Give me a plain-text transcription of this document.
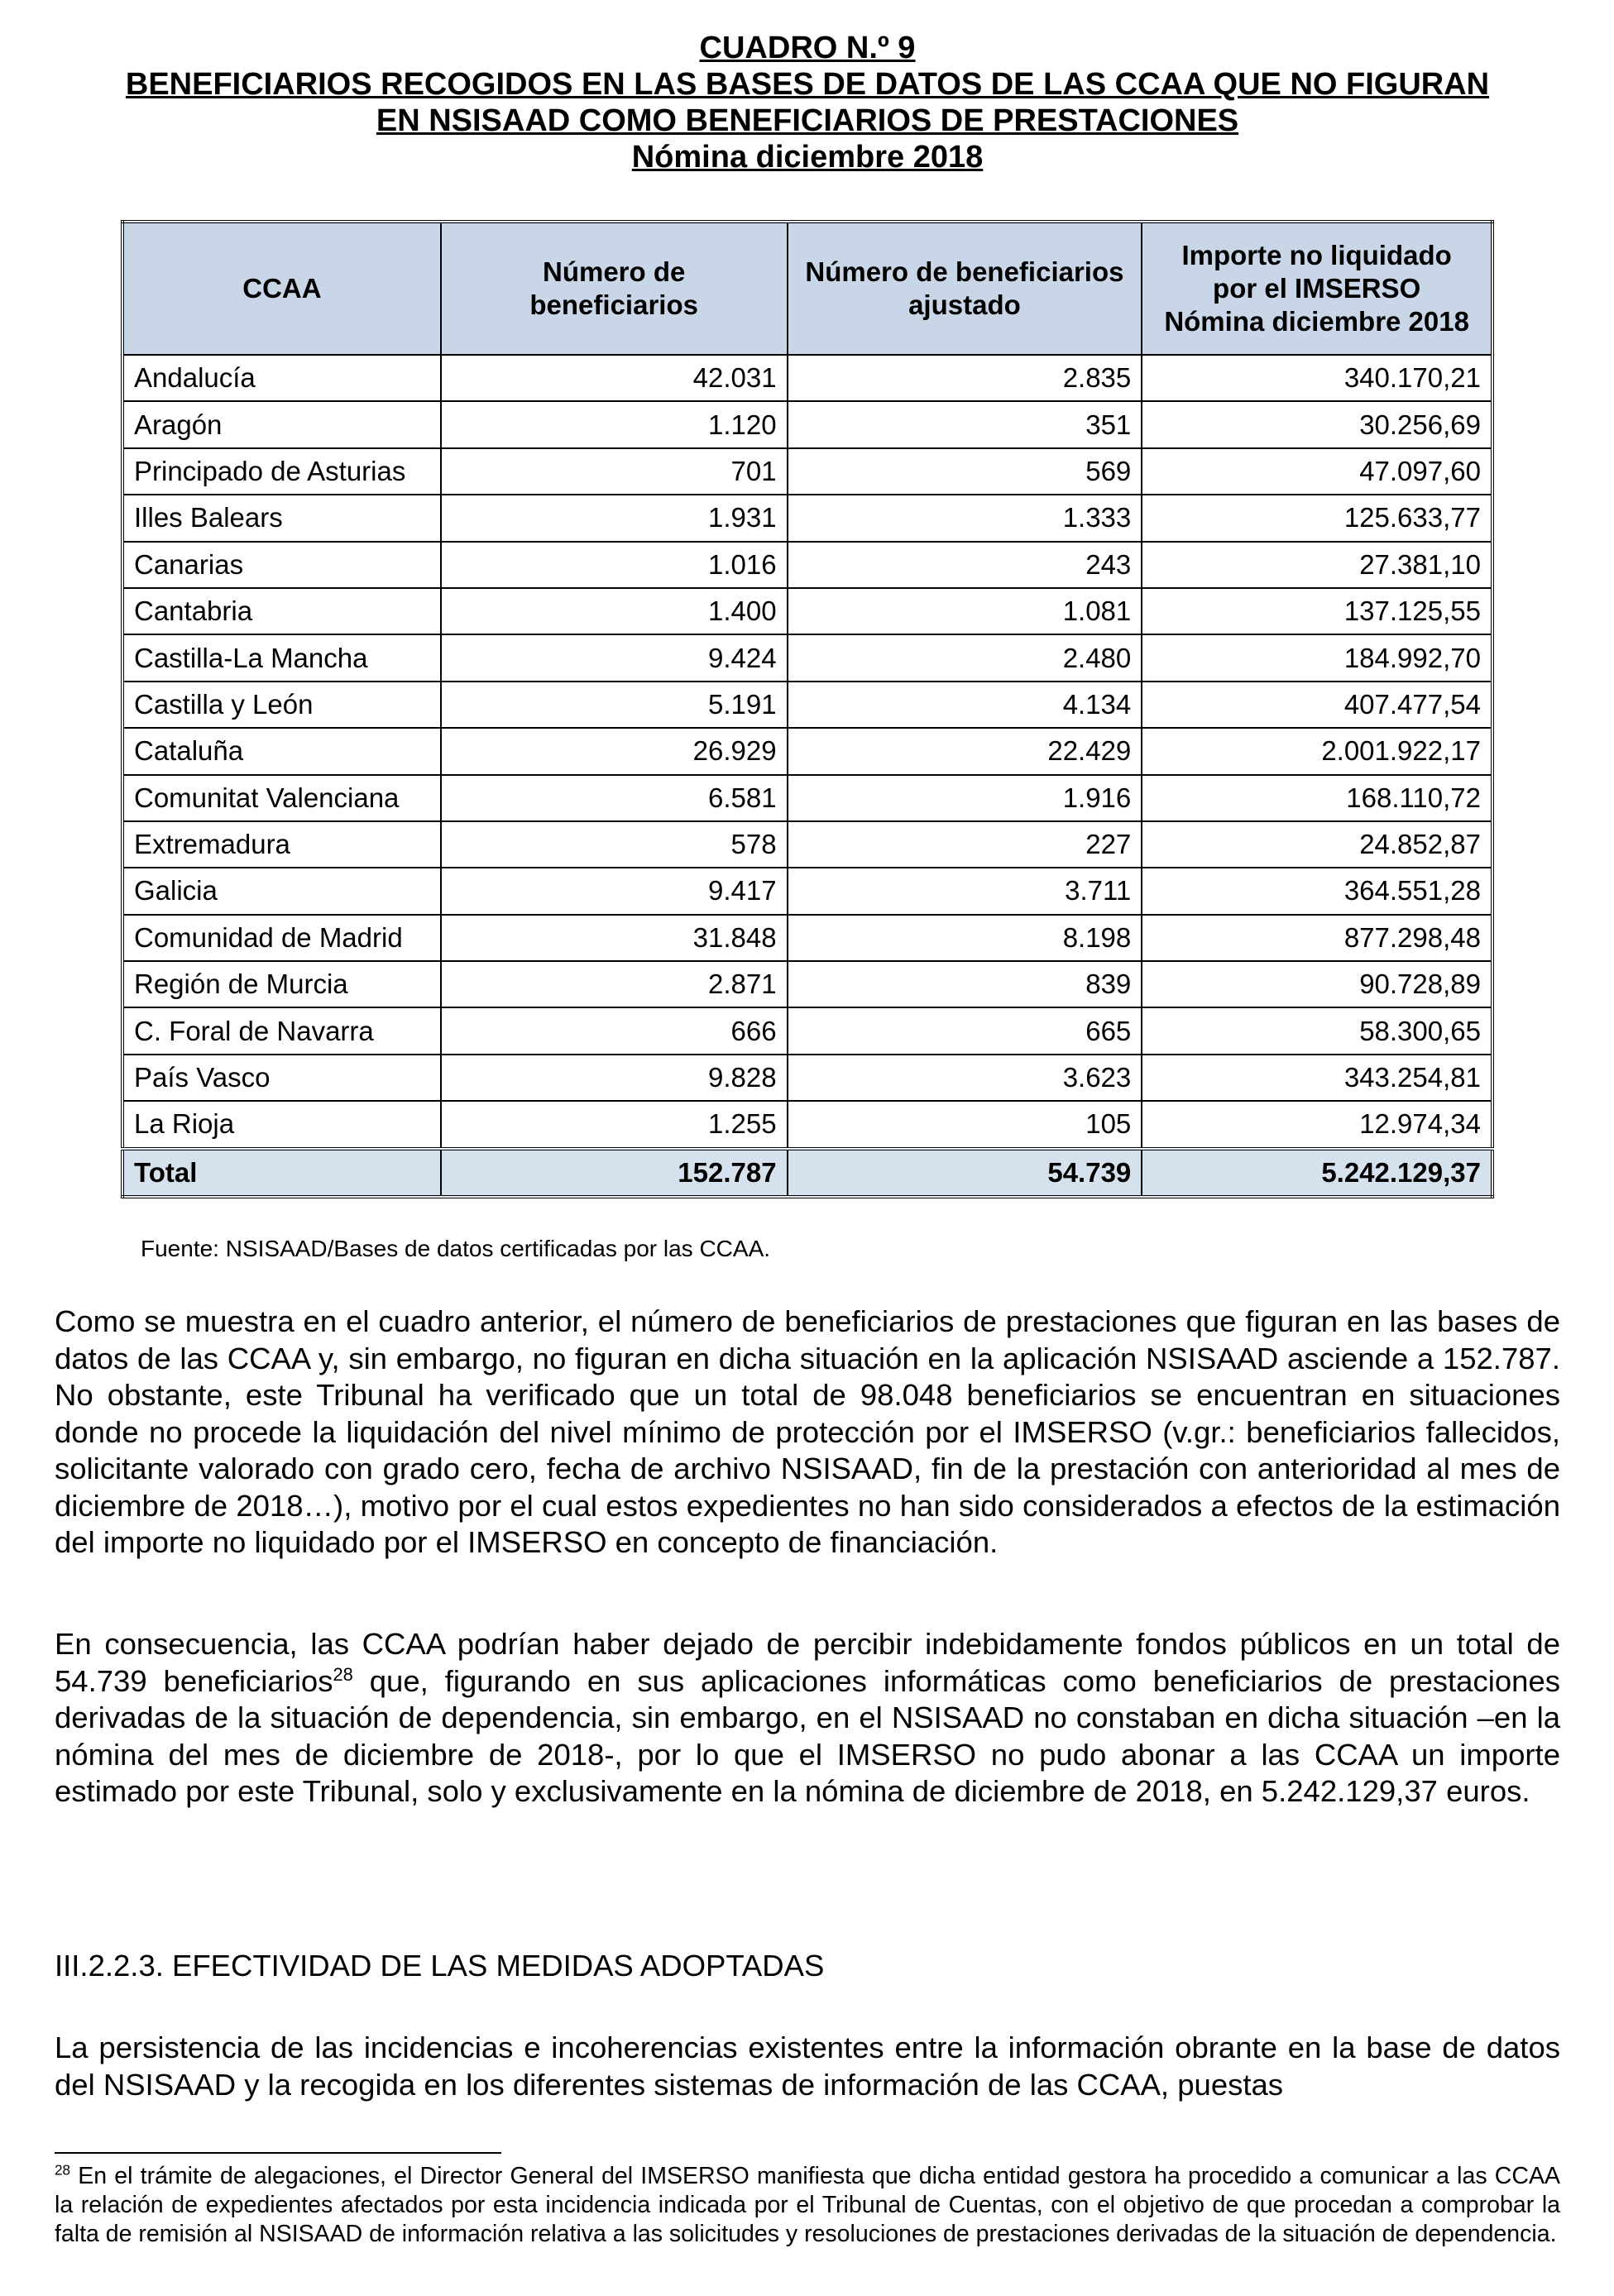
CUADRO N.º 9
BENEFICIARIOS RECOGIDOS EN LAS BASES DE DATOS DE LAS CCAA QUE NO FIGURAN
EN NSISAAD COMO BENEFICIARIOS DE PRESTACIONES
Nómina diciembre 2018
CCAA	Número de beneficiarios	Número de beneficiarios ajustado	Importe no liquidado
por el IMSERSO
Nómina diciembre 2018

Andalucía	42.031	2.835	340.170,21
Aragón	1.120	351	30.256,69
Principado de Asturias	701	569	47.097,60
Illes Balears	1.931	1.333	125.633,77
Canarias	1.016	243	27.381,10
Cantabria	1.400	1.081	137.125,55
Castilla-La Mancha	9.424	2.480	184.992,70
Castilla y León	5.191	4.134	407.477,54
Cataluña	26.929	22.429	2.001.922,17
Comunitat Valenciana	6.581	1.916	168.110,72
Extremadura	578	227	24.852,87
Galicia	9.417	3.711	364.551,28
Comunidad de Madrid	31.848	8.198	877.298,48
Región de Murcia	2.871	839	90.728,89
C. Foral de Navarra	666	665	58.300,65
País Vasco	9.828	3.623	343.254,81
La Rioja	1.255	105	12.974,34
Total	152.787	54.739	5.242.129,37
Fuente: NSISAAD/Bases de datos certificadas por las CCAA.
Como se muestra en el cuadro anterior, el número de beneficiarios de prestaciones que figuran en las bases de datos de las CCAA y, sin embargo, no figuran en dicha situación en la aplicación NSISAAD asciende a 152.787. No obstante, este Tribunal ha verificado que un total de 98.048 beneficiarios se encuentran en situaciones donde no procede la liquidación del nivel mínimo de protección por el IMSERSO (v.gr.: beneficiarios fallecidos, solicitante valorado con grado cero, fecha de archivo NSISAAD, fin de la prestación con anterioridad al mes de diciembre de 2018…), motivo por el cual estos expedientes no han sido considerados a efectos de la estimación del importe no liquidado por el IMSERSO en concepto de financiación.
En consecuencia, las CCAA podrían haber dejado de percibir indebidamente fondos públicos en un total de 54.739 beneficiarios$^{28}$ que, figurando en sus aplicaciones informáticas como beneficiarios de prestaciones derivadas de la situación de dependencia, sin embargo, en el NSISAAD no constaban en dicha situación –en la nómina del mes de diciembre de 2018-, por lo que el IMSERSO no pudo abonar a las CCAA un importe estimado por este Tribunal, solo y exclusivamente en la nómina de diciembre de 2018, en 5.242.129,37 euros.
III.2.2.3. EFECTIVIDAD DE LAS MEDIDAS ADOPTADAS
La persistencia de las incidencias e incoherencias existentes entre la información obrante en la base de datos del NSISAAD y la recogida en los diferentes sistemas de información de las CCAA, puestas
$^{28}$ En el trámite de alegaciones, el Director General del IMSERSO manifiesta que dicha entidad gestora ha procedido a comunicar a las CCAA la relación de expedientes afectados por esta incidencia indicada por el Tribunal de Cuentas, con el objetivo de que procedan a comprobar la falta de remisión al NSISAAD de información relativa a las solicitudes y resoluciones de prestaciones derivadas de la situación de dependencia.
